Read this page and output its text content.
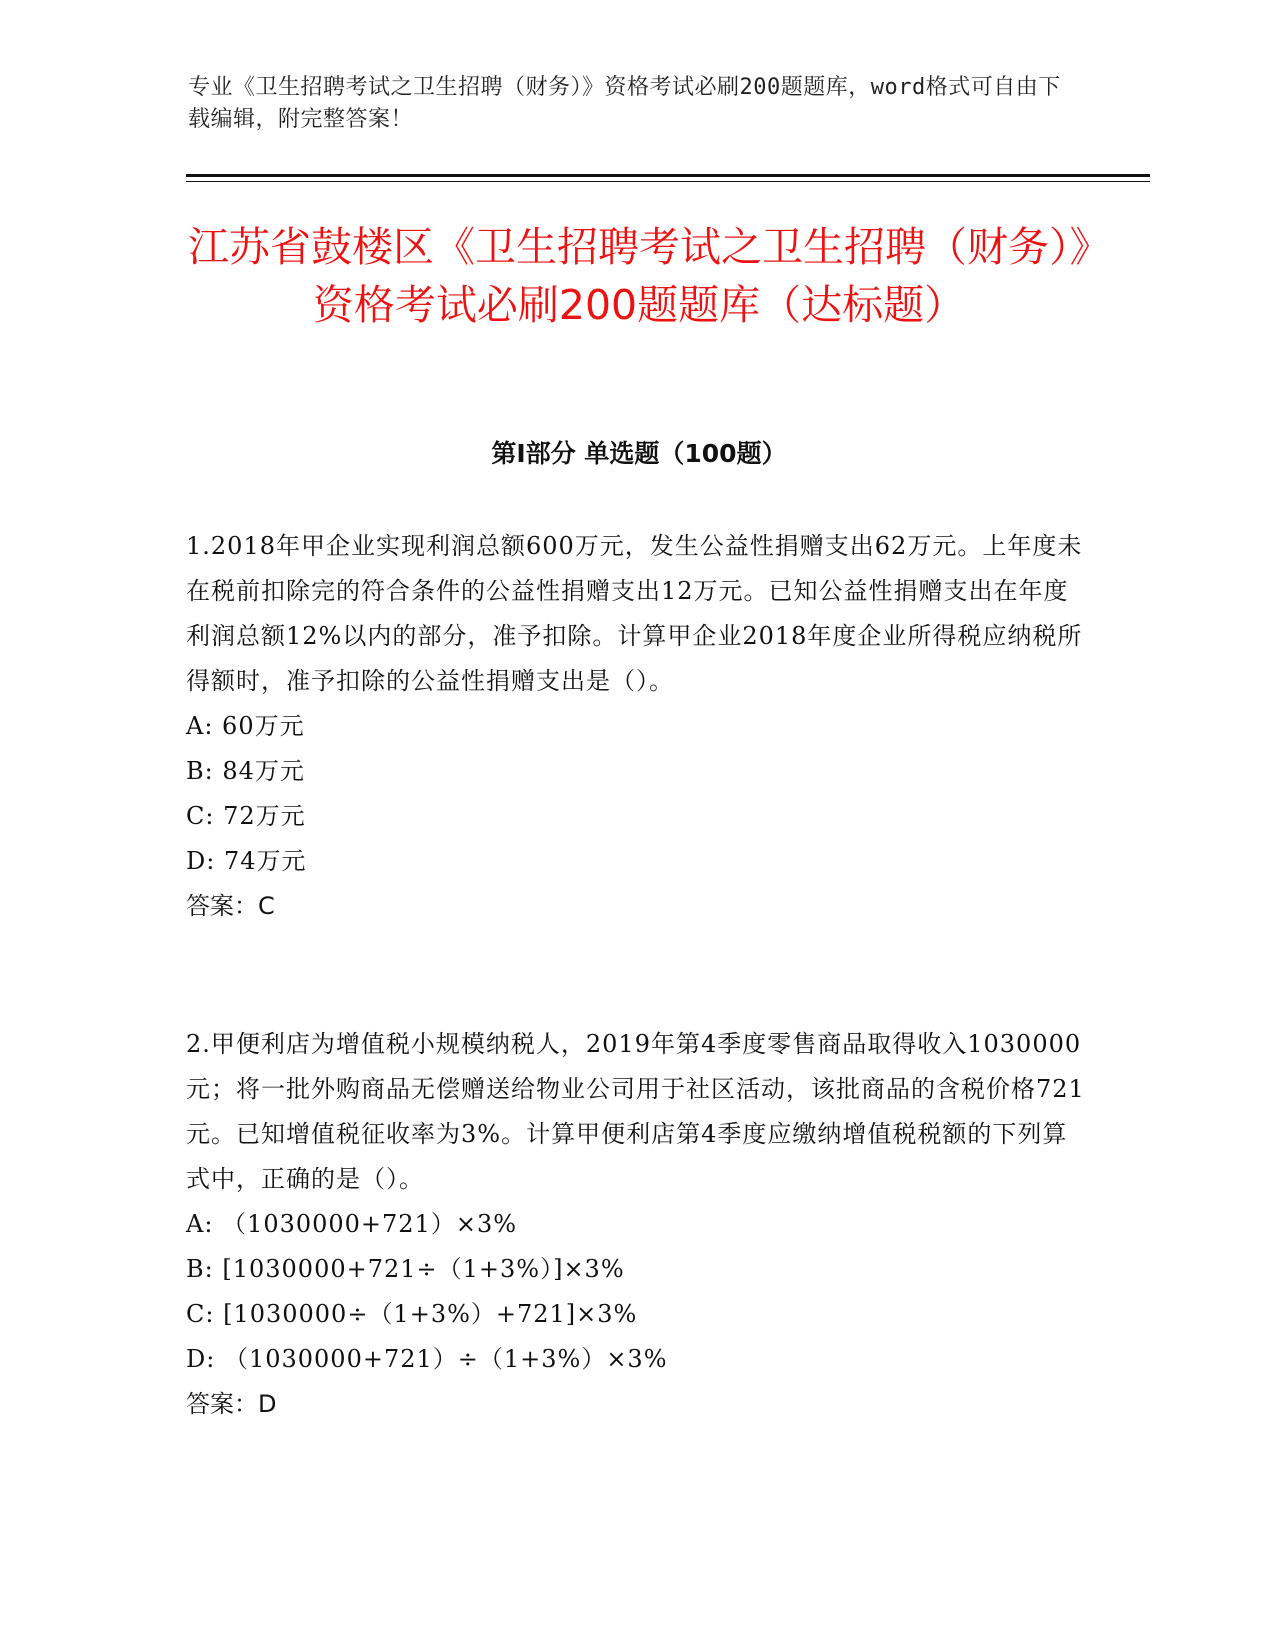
专业《卫生招聘考试之卫生招聘（财务）》资格考试必刷200题题库，word格式可自由下载编辑，附完整答案！
江苏省鼓楼区《卫生招聘考试之卫生招聘（财务）》资格考试必刷200题题库（达标题）
第I部分 单选题（100题）

1.2018年甲企业实现利润总额600万元，发生公益性捐赠支出62万元。上年度未在税前扣除完的符合条件的公益性捐赠支出12万元。已知公益性捐赠支出在年度利润总额12%以内的部分，准予扣除。计算甲企业2018年度企业所得税应纳税所得额时，准予扣除的公益性捐赠支出是（）。

A: 60万元

B: 84万元

C: 72万元

D: 74万元

答案：C

2.甲便利店为增值税小规模纳税人，2019年第4季度零售商品取得收入1030000元；将一批外购商品无偿赠送给物业公司用于社区活动，该批商品的含税价格721元。已知增值税征收率为3%。计算甲便利店第4季度应缴纳增值税税额的下列算式中，正确的是（）。

A: （1030000+721）×3%

B: [1030000+721÷（1+3%）]×3%

C: [1030000÷（1+3%）+721]×3%

D: （1030000+721）÷（1+3%）×3%

答案：D
